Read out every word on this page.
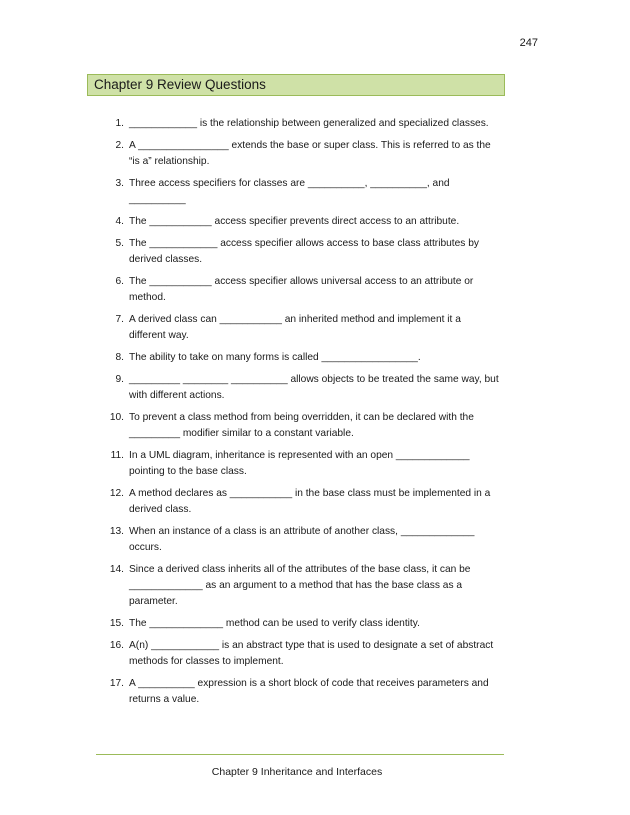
247
Chapter 9 Review Questions
1. ____________ is the relationship between generalized and specialized classes.
2. A ________________ extends the base or super class. This is referred to as the “is a” relationship.
3. Three access specifiers for classes are __________, __________, and __________
4. The ___________ access specifier prevents direct access to an attribute.
5. The ____________ access specifier allows access to base class attributes by derived classes.
6. The ___________ access specifier allows universal access to an attribute or method.
7. A derived class can ___________ an inherited method and implement it a different way.
8. The ability to take on many forms is called _________________.
9. _________ ________ __________ allows objects to be treated the same way, but with different actions.
10. To prevent a class method from being overridden, it can be declared with the _________ modifier similar to a constant variable.
11. In a UML diagram, inheritance is represented with an open _____________ pointing to the base class.
12. A method declares as ___________ in the base class must be implemented in a derived class.
13. When an instance of a class is an attribute of another class, _____________ occurs.
14. Since a derived class inherits all of the attributes of the base class, it can be _____________ as an argument to a method that has the base class as a parameter.
15. The _____________ method can be used to verify class identity.
16. A(n) ____________ is an abstract type that is used to designate a set of abstract methods for classes to implement.
17. A __________ expression is a short block of code that receives parameters and returns a value.
Chapter 9 Inheritance and Interfaces
